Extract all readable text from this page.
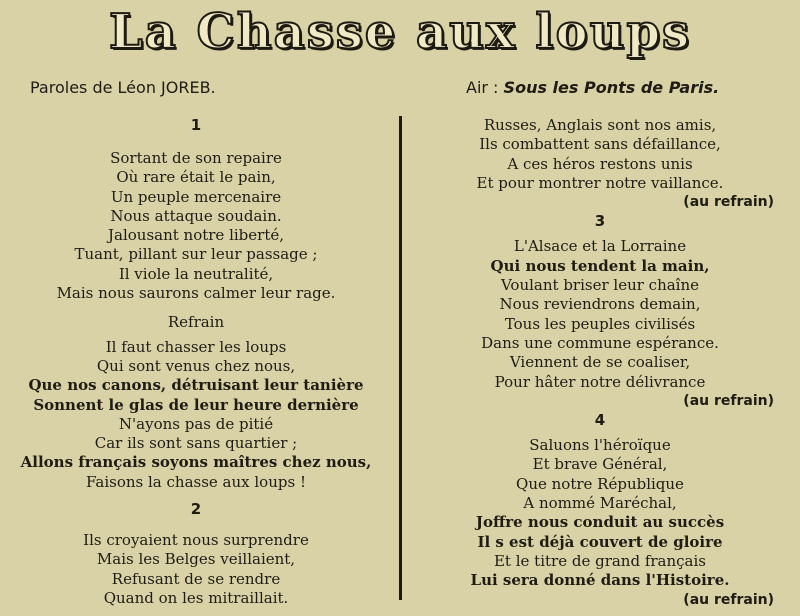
La Chasse aux loups
Paroles de Léon JOREB.	Air : Sous les Ponts de Paris.
1
Sortant de son repaire
Où rare était le pain,
Un peuple mercenaire
Nous attaque soudain.
Jalousant notre liberté,
Tuant, pillant sur leur passage ;
Il viole la neutralité,
Mais nous saurons calmer leur rage.
Refrain
Il faut chasser les loups
Qui sont venus chez nous,
Que nos canons, détruisant leur tanière
Sonnent le glas de leur heure dernière
N'ayons pas de pitié
Car ils sont sans quartier ;
Allons français soyons maîtres chez nous,
Faisons la chasse aux loups !
2
Ils croyaient nous surprendre
Mais les Belges veillaient,
Refusant de se rendre
Quand on les mitraillait.
Russes, Anglais sont nos amis,
Ils combattent sans défaillance,
A ces héros restons unis
Et pour montrer notre vaillance.
(au refrain)
3
L'Alsace et la Lorraine
Qui nous tendent la main,
Voulant briser leur chaîne
Nous reviendrons demain,
Tous les peuples civilisés
Dans une commune espérance.
Viennent de se coaliser,
Pour hâter notre délivrance
(au refrain)
4
Saluons l'héroïque
Et brave Général,
Que notre République
A nommé Maréchal,
Joffre nous conduit au succès
Il s est déjà couvert de gloire
Et le titre de grand français
Lui sera donné dans l'Histoire.
(au refrain)
